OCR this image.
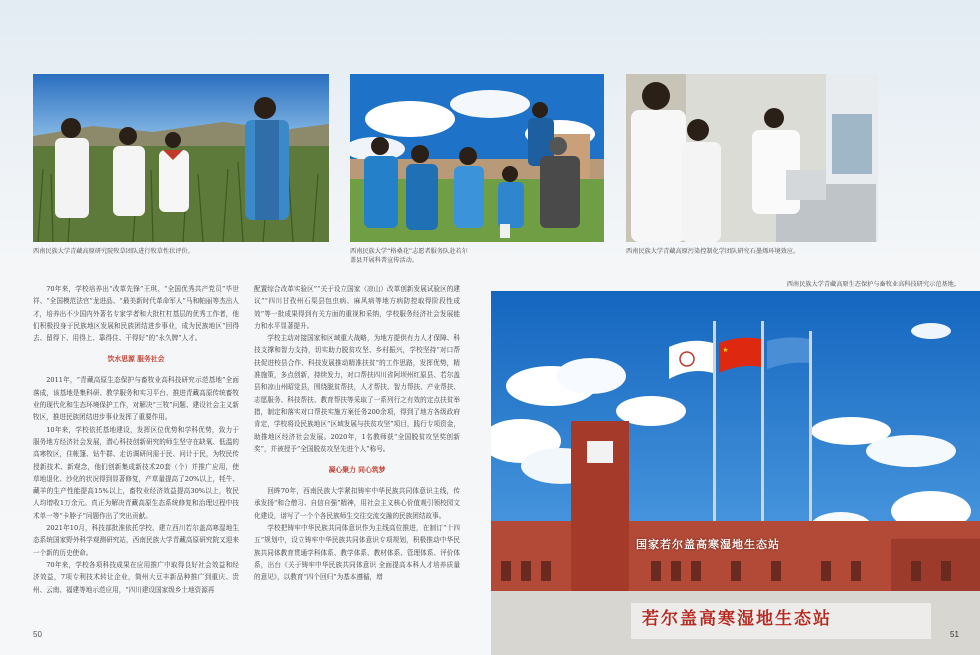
西南民族大学青藏高原研究院牧草团队进行牧草性状评价。	西南民族大学“格桑花”志愿者服务队赴若尔盖县开展科普宣传活动。
西南民族大学青藏高原污染控制化学团队研究石墨烯环境效应。
西南民族大学青藏高原生态保护与畜牧业高科技研究示范基地。
国家若尔盖高寒湿地生态站
若尔盖高寒湿地生态站

70年来，学校培养出“改革先锋”王琪、“全国优秀共产党员”毕世祥、“全国模范法官”龙进品、“最美新时代革命军人”马和帕丽等杰出人才，培养出不少国内外著名专家学者和大批杠杠基层的优秀工作者，他们积极投身于民族地区发展和民族团结进步事业，成为民族地区“回得去、留得下、用得上、靠得住、干得好”的“永久牌”人才。

饮水思源 服务社会

2011年，“青藏高原生态保护与畜牧业高科技研究示范基地”全面落成，该基地是集科研、教学服务和实习平台、推进青藏高原传统畜牧业的现代化和生态环境保护工作，对解决“三牧”问题、建设社会主义新牧区，推进民族团结进步事业发挥了重要作用。

10年来，学校依托基地建设，发挥区位优势和学科优势，致力于服务地方经济社会发展，潜心科技创新研究的师生坚守在缺氧、低温的高寒牧区，住帐篷、钻牛群、走访调研问需于民、问计于民，为牧民传授新技术、新观念，他们创新集成新技术20套（个）并推广应用，使草地退化、沙化的状况得到显著修复，产草量提高了20%以上，牦牛、藏羊的生产性能提高15%以上，畜牧业经济效益提高30%以上，牧民人均增收1万余元。真正为解决青藏高原生态系统修复和治理过程中技术单一等“卡脖子”问题作出了突出贡献。

2021年10月，科技部批准依托学校、建立西川若尔盖高寒湿地生态系统国家野外科学观测研究站，西南民族大学青藏高原研究院又迎来一个新的历史使命。

70年来，学校各项科技成果在应用推广中取得良好社会效益和经济效益，7项专利技术转让企业，简州大豆丰新品种推广到重庆、贵州、云南、福建等地示范应用，“四川建设国家级乡土地资源再

配置综合改革实验区”“关于设立国家（凉山）改革创新发展试验区的建议”“四川甘孜州石渠县包虫病、麻风病等地方病防控取得阶段性成效”等一批成果得到有关方面的重视和采纳，学校服务经济社会发展能力和水平显著提升。

学校主动对接国家和区域重大战略，为地方提供有力人才保障、科技支撑和智力支持，切实助力脱贫攻坚、乡村振兴，学校坚持“对口帮扶促进校县合作、科技发展推动精准扶贫”的工作思路，发挥优势，精准施策，多点创新，持续发力，对口帮扶四川省阿坝州红原县、若尔盖县和凉山州昭觉县，围绕脱贫帮扶，人才帮扶、智力帮扶、产业帮扶、志愿服务、科技帮扶、教育帮扶等采取了一系列行之有效的定点扶贫举措，制定和落实对口帮扶实施方案任务200余项，得到了地方各级政府肯定，学校将设民族地区“区域发展与扶贫攻坚”项目，践行专项资金，助推地区经济社会发展。2020年，1名教师获“全国脱贫攻坚奖创新奖”，并被授予“全国脱贫攻坚先进个人”称号。

凝心聚力 同心筑梦

回眸70年，西南民族大学紧扣铸牢中华民族共同体意识主线，传承发扬“和合僧习、自信自强”精神，用社会主义核心价值观引领校园文化建设，谱写了一个个各民族师生交往交流交融的民族团结故事。

学校把铸牢中华民族共同体意识作为主线高位推进，在制订“十四五”规划中，设立铸牢中华民族共同体意识专项规划，积极推动中华民族共同体教育贯通学科体系、教学体系、教材体系、管理体系、评价体系，出台《关于铸牢中华民族共同体意识 全面提高本科人才培养质量的意见》，以教育“四个回归”为基本遵循，增

50	51
